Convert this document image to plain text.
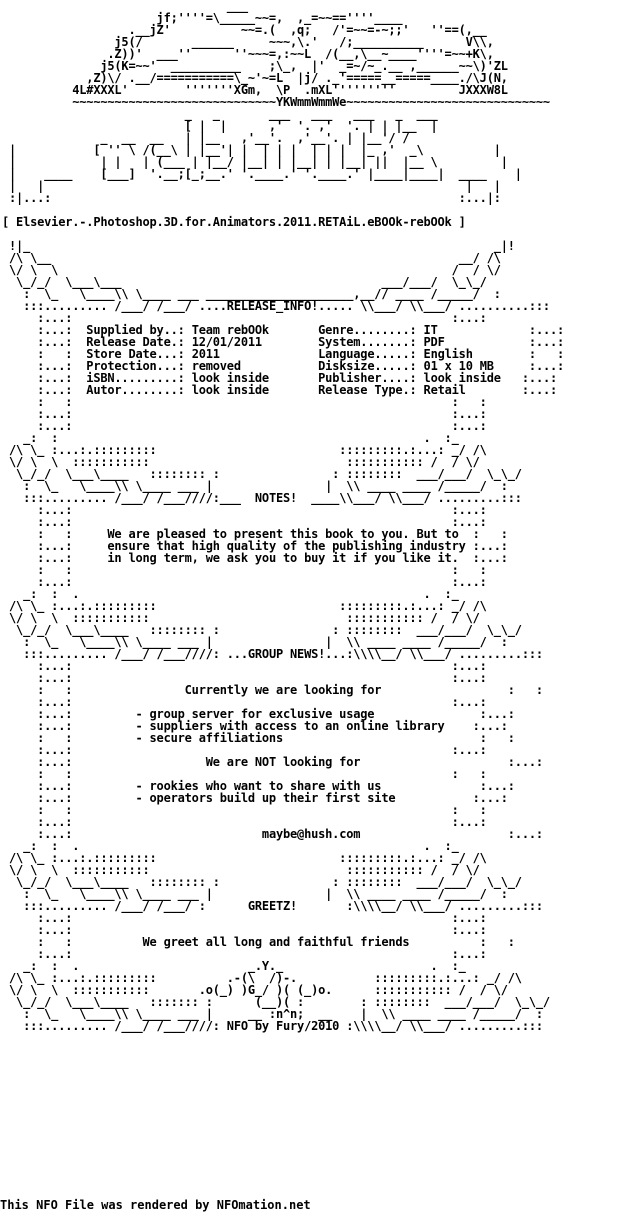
___
jf;''''=\_____~~=,  ,_=~~==''''____
.__jZ'          ~~=.(  ,q;   /'=~~=-~;;'   ''==(,__
j5(/       ______     ~~~,\.'   /;__________      V\\,
.Z))'  ___''      ''~~~=,:~~L  /(__,\__~____''''=~~+K\,
j5(K=~~'  __________    ;\_,  |'  _=~/~_.__ ,______~~\)'ZL
,Z)\/ .__/===========\_~'~=L  |j/ ._'=====__=====____./\J(N,
4L#XXXL'        '''''''XGm,  \P  .mXL'''''''''         JXXXW8L
~~~~~~~~~~~~~~~~~~~~~~~~~~~~~YKWmmWmmWe~~~~~~~~~~~~~~~~~~~~~~~~~~~~~
_   _       ___   ___   ___   _  ___
[ |  |      ,'  '. ,'  '. | | |__  |
_  __  __   | |__   ,'__'.  ,'__'. | |__'/ /
|           [ '' \ /(__\ | |__'| |  | | |  | | |  |_ ,'  _\          |
|            | |   | (___ | |__/ |__| | |__| | |__| ||  |__ \         |
|    ____    [___]  '.__;[_;__.' '.____.' '.____.' |____|____|  ____    |
|   |                                                            |   |
:|...:                                                          :...|:

[ Elsevier.-.Photoshop.3D.for.Animators.2011.RETAiL.eBOOk-rebOOk ]

!|_                                                                  _|!
/\ \__                                                          __/ /\
\/ \  \                                                        /  / \/
\_/_/  \___\___                                     ___/___/  \_\_/
:  \_   \____\\ \____ ___ _____________________,__// ____ /_____/  :
:::......... /___/ /___/ ....RELEASE_INFO!..... \\___/ \\___/ ..........:::
:...:                                                      :...:
:...:  Supplied by..: Team rebOOk	Genre........: IT	:...:
:...:  Release Date.: 12/01/2011	System.......: PDF	:...:
:   :  Store Date...: 2011	Language.....: English	:   :
:...:  Protection...: removed	Disksize.....: 01 x 10 MB	:...:
:...:  iSBN.........: look inside	Publisher....: look inside   :...:
:...:  Autor........: look inside	Release Type.: Retail	:...:
:   :                                                      :   :
:...:                                                      :...:
:...:                                                      :...:
_:  :                                                    .  :_
/\ \_ :...:.:::::::::                          :::::::::.:...: _/ /\
\/ \  \  :::::::::::                            ::::::::::: /  / \/
\_/_/  \___\____   :::::::: :                : ::::::::  ___/___/  \_\_/
:  \_   \____\\ \____ ___ |                |  \\ ____ ____ /_____/  :
:::......... /___/ /___////:___  NOTES!  ____\\___/ \\___/ .........:::
:...:                                                      :...:
:...:                                                      :...:
:   :	We are pleased to present this book to you. But to  :   :
:...:	ensure that high quality of the publishing industry :...:
:...:	in long term, we ask you to buy it if you like it.  :...:
:   :                                                      :   :
:...:                                                      :...:
_:  :  .                                                 .  :_
/\ \_ :...:.:::::::::                          :::::::::.:...: _/ /\
\/ \  \  :::::::::::                            ::::::::::: /  / \/
\_/_/  \___\____   :::::::: :                : ::::::::  ___/___/  \_\_/
:  \_   \____\\ \____ ___ |                |  \\ ____ ____ /_____/  :
:::......... /___/ /___////: ...GROUP NEWS!...:\\\\__/ \\___/ .........:::
:...:                                                      :...:
:...:                                                      :...:
:   :	Currently we are looking for	:   :
:...:                                                      :...:
:...:	- group server for exclusive usage	:...:
:...:	- suppliers with access to an online library    :...:
:   :	- secure affiliations	:   :
:...:                                                      :...:
:...:	We are NOT looking for	:...:
:   :                                                      :   :
:...:	- rookies who want to share with us	:...:
:...:	- operators build up their first site	:...:
:   :                                                      :   :
:...:                                                      :...:
:...:	maybe@hush.com                     :...:
_:  :  .                                                 .  :_
/\ \_ :...:.:::::::::                          :::::::::.:...: _/ /\
\/ \  \  :::::::::::                            ::::::::::: /  / \/
\_/_/  \___\____   :::::::: :                : ::::::::  ___/___/  \_\_/
:  \_   \____\\ \____ ___ |                |  \\ ____ ____ /_____/  :
:::......... /___/ /___/ :	GREETZ!	:\\\\__/ \\___/ .........:::
:...:                                                      :...:
:...:                                                      :...:
:   :	We greet all long and faithful friends	:   :
:...:                                                      :...:
_:  :  .                        _.Y._                     .  :_
/\ \_ :...:.:::::::::          .-(\  /)-.           :::::::::.:...: _/ /\
\/ \  \  :::::::::::       .o(_) )G_/ )( (_)o.      ::::::::::: /  / \/
\_/_/  \___\____   ::::::: :      (__)( :        : ::::::::  ___/___/  \_\_/
:  \_   \____\\ \____ ___ |     __ :n^n;  __    |  \\ ____ ____ /_____/  :
:::......... /___/ /___////: NFO by Fury/2010 :\\\\__/ \\___/ .........:::
This NFO File was rendered by NFOmation.net
